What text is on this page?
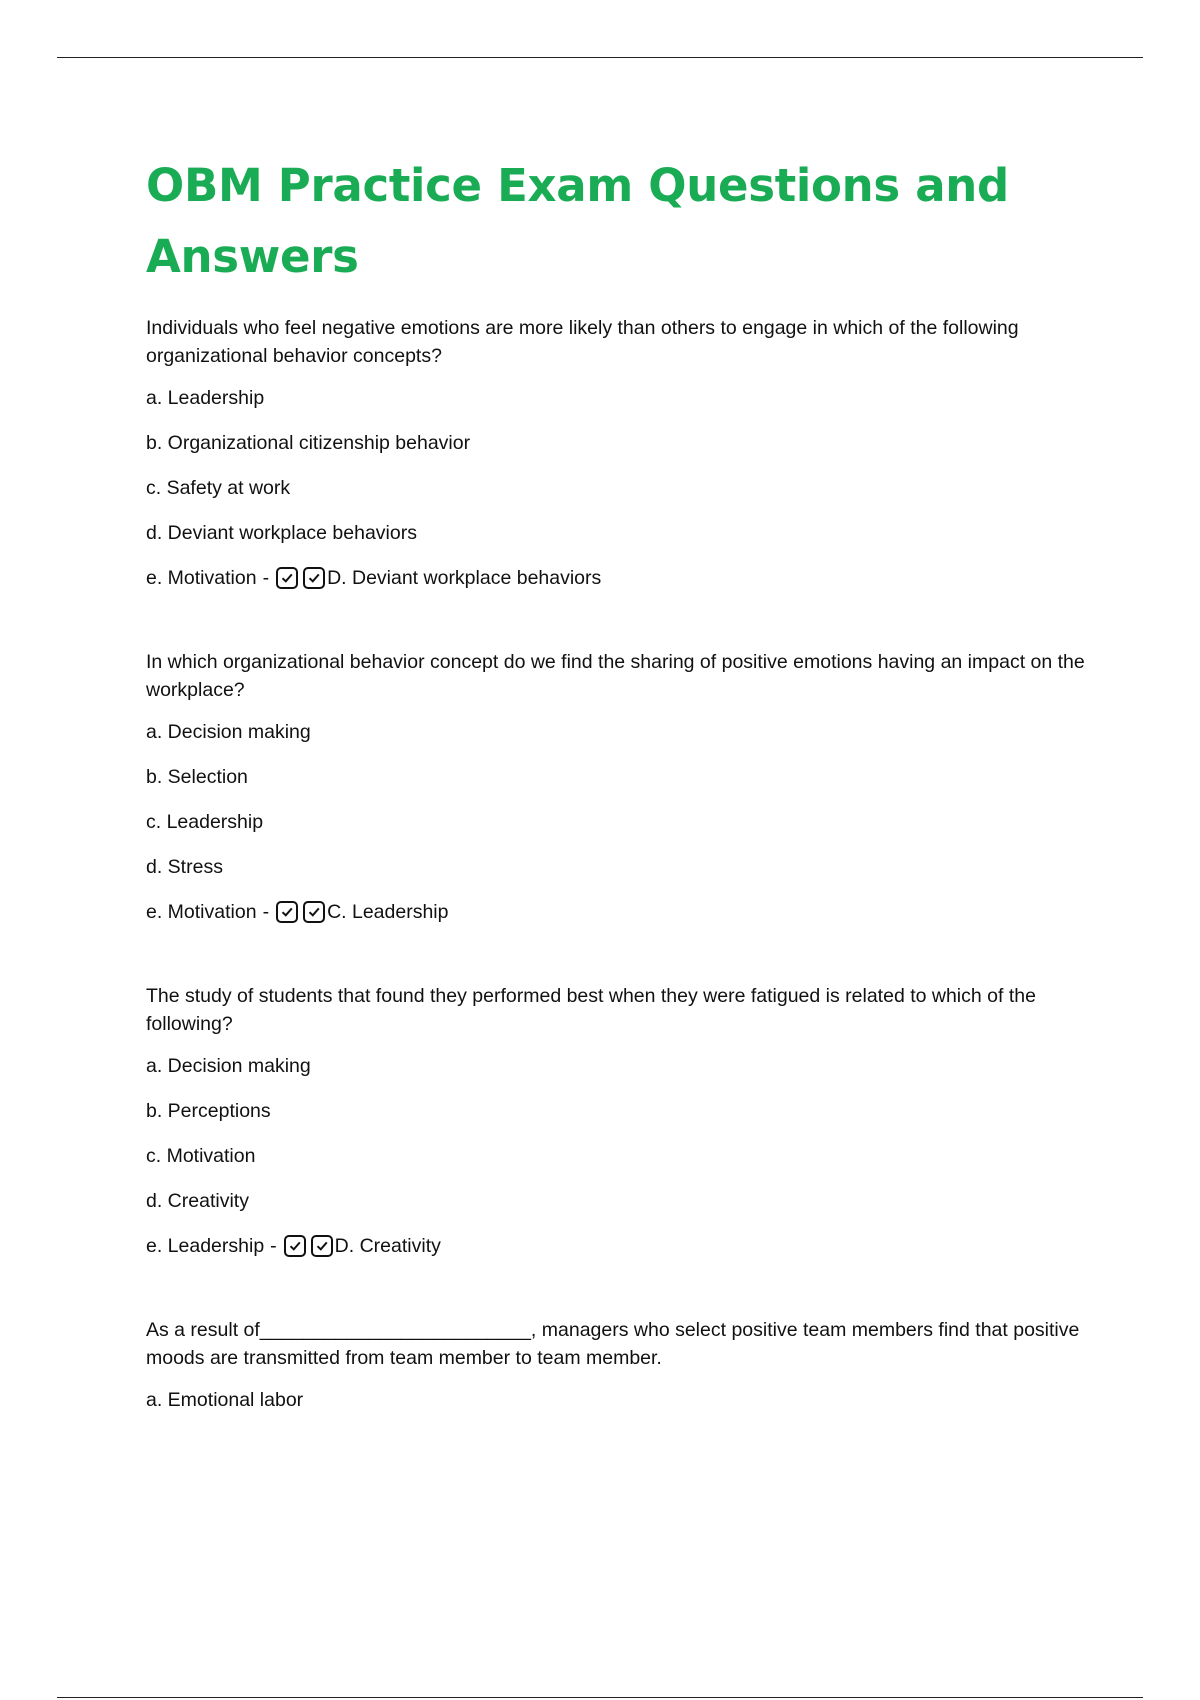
OBM Practice Exam Questions and Answers

Individuals who feel negative emotions are more likely than others to engage in which of the following organizational behavior concepts?

a. Leadership
b. Organizational citizenship behavior
c. Safety at work
d. Deviant workplace behaviors
e. Motivation -	D. Deviant workplace behaviors

In which organizational behavior concept do we find the sharing of positive emotions having an impact on the workplace?

a. Decision making
b. Selection
c. Leadership
d. Stress
e. Motivation -	C. Leadership

The study of students that found they performed best when they were fatigued is related to which of the following?

a. Decision making
b. Perceptions
c. Motivation
d. Creativity
e. Leadership -	D. Creativity

As a result of_________________________, managers who select positive team members find that positive moods are transmitted from team member to team member.

a. Emotional labor
